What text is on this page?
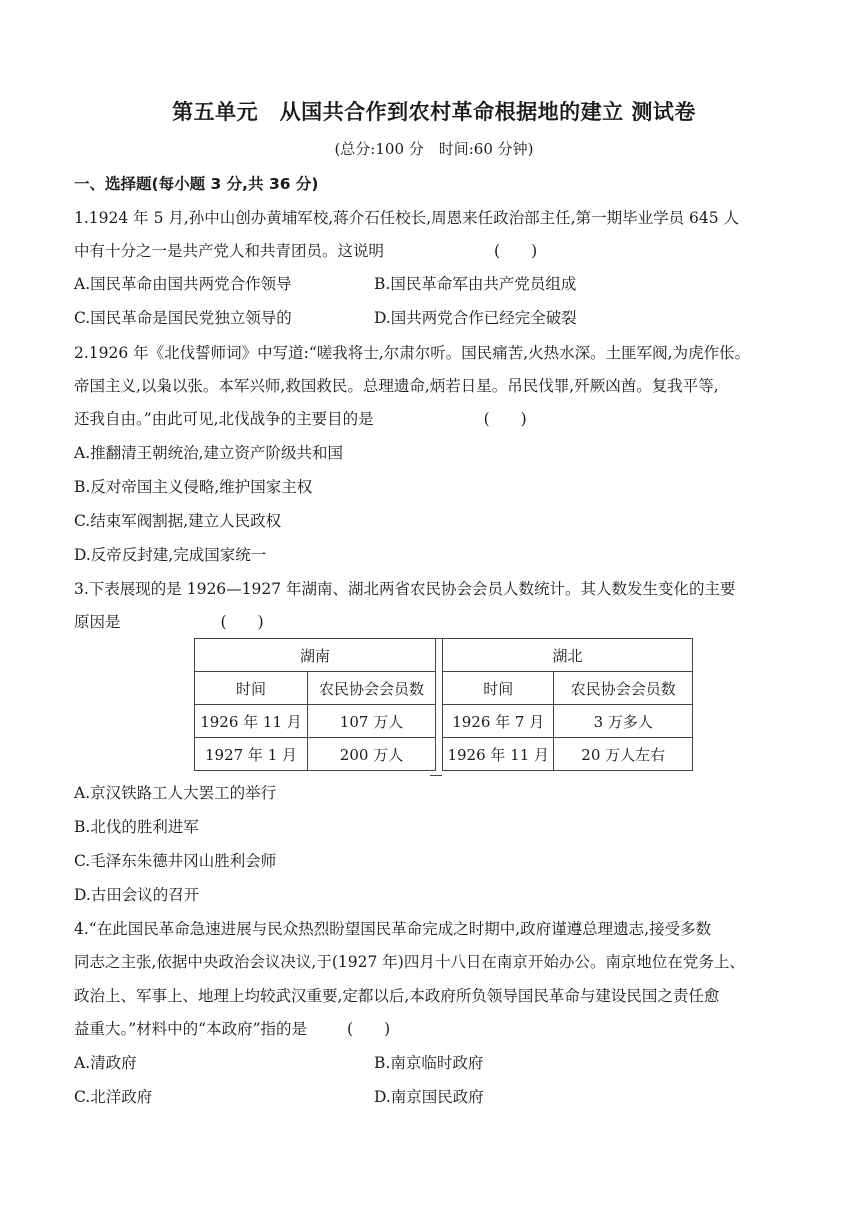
第五单元　从国共合作到农村革命根据地的建立 测试卷
(总分:100 分　时间:60 分钟)
一、选择题(每小题 3 分,共 36 分)
1.1924 年 5 月,孙中山创办黄埔军校,蒋介石任校长,周恩来任政治部主任,第一期毕业学员 645 人
中有十分之一是共产党人和共青团员。这说明	(　　)
A.国民革命由国共两党合作领导	B.国民革命军由共产党员组成
C.国民革命是国民党独立领导的	D.国共两党合作已经完全破裂
2.1926 年《北伐誓师词》中写道:“嗟我将士,尔肃尔听。国民痛苦,火热水深。土匪军阀,为虎作伥。
帝国主义,以枭以张。本军兴师,救国救民。总理遗命,炳若日星。吊民伐罪,歼厥凶酋。复我平等,
还我自由。”由此可见,北伐战争的主要目的是	(　　)
A.推翻清王朝统治,建立资产阶级共和国
B.反对帝国主义侵略,维护国家主权
C.结束军阀割据,建立人民政权
D.反帝反封建,完成国家统一
3.下表展现的是 1926—1927 年湖南、湖北两省农民协会会员人数统计。其人数发生变化的主要
原因是	(　　)
湖南	
时间	农民协会会员数
1926 年 11 月	107 万人
1927 年 1 月	200 万人
湖北	
时间	农民协会会员数
1926 年 7 月	3 万多人
1926 年 11 月	20 万人左右
A.京汉铁路工人大罢工的举行
B.北伐的胜利进军
C.毛泽东朱德井冈山胜利会师
D.古田会议的召开
4.“在此国民革命急速进展与民众热烈盼望国民革命完成之时期中,政府谨遵总理遗志,接受多数
同志之主张,依据中央政治会议决议,于(1927 年)四月十八日在南京开始办公。南京地位在党务上、
政治上、军事上、地理上均较武汉重要,定都以后,本政府所负领导国民革命与建设民国之责任愈
益重大。”材料中的“本政府”指的是	(　　)
A.清政府	B.南京临时政府
C.北洋政府	D.南京国民政府
